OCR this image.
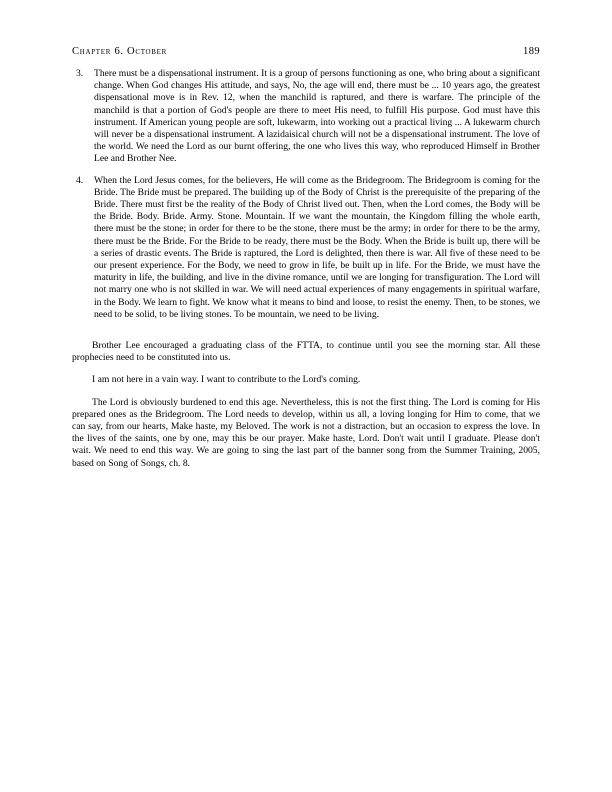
Chapter 6. October	189
3.	There must be a dispensational instrument. It is a group of persons functioning as one, who bring about a significant change. When God changes His attitude, and says, No, the age will end, there must be ... 10 years ago, the greatest dispensational move is in Rev. 12, when the manchild is raptured, and there is warfare. The principle of the manchild is that a portion of God's people are there to meet His need, to fulfill His purpose. God must have this instrument. If American young people are soft, lukewarm, into working out a practical living ... A lukewarm church will never be a dispensational instrument. A lazidaisical church will not be a dispensational instrument. The love of the world. We need the Lord as our burnt offering, the one who lives this way, who reproduced Himself in Brother Lee and Brother Nee.
4.	When the Lord Jesus comes, for the believers, He will come as the Bridegroom. The Bridegroom is coming for the Bride. The Bride must be prepared. The building up of the Body of Christ is the prerequisite of the preparing of the Bride. There must first be the reality of the Body of Christ lived out. Then, when the Lord comes, the Body will be the Bride. Body. Bride. Army. Stone. Mountain. If we want the mountain, the Kingdom filling the whole earth, there must be the stone; in order for there to be the stone, there must be the army; in order for there to be the army, there must be the Bride. For the Bride to be ready, there must be the Body. When the Bride is built up, there will be a series of drastic events. The Bride is raptured, the Lord is delighted, then there is war. All five of these need to be our present experience. For the Body, we need to grow in life, be built up in life. For the Bride, we must have the maturity in life, the building, and live in the divine romance, until we are longing for transfiguration. The Lord will not marry one who is not skilled in war. We will need actual experiences of many engagements in spiritual warfare, in the Body. We learn to fight. We know what it means to bind and loose, to resist the enemy. Then, to be stones, we need to be solid, to be living stones. To be mountain, we need to be living.

Brother Lee encouraged a graduating class of the FTTA, to continue until you see the morning star. All these prophecies need to be constituted into us.

I am not here in a vain way. I want to contribute to the Lord's coming.

The Lord is obviously burdened to end this age. Nevertheless, this is not the first thing. The Lord is coming for His prepared ones as the Bridegroom. The Lord needs to develop, within us all, a loving longing for Him to come, that we can say, from our hearts, Make haste, my Beloved. The work is not a distraction, but an occasion to express the love. In the lives of the saints, one by one, may this be our prayer. Make haste, Lord. Don't wait until I graduate. Please don't wait. We need to end this way. We are going to sing the last part of the banner song from the Summer Training, 2005, based on Song of Songs, ch. 8.
